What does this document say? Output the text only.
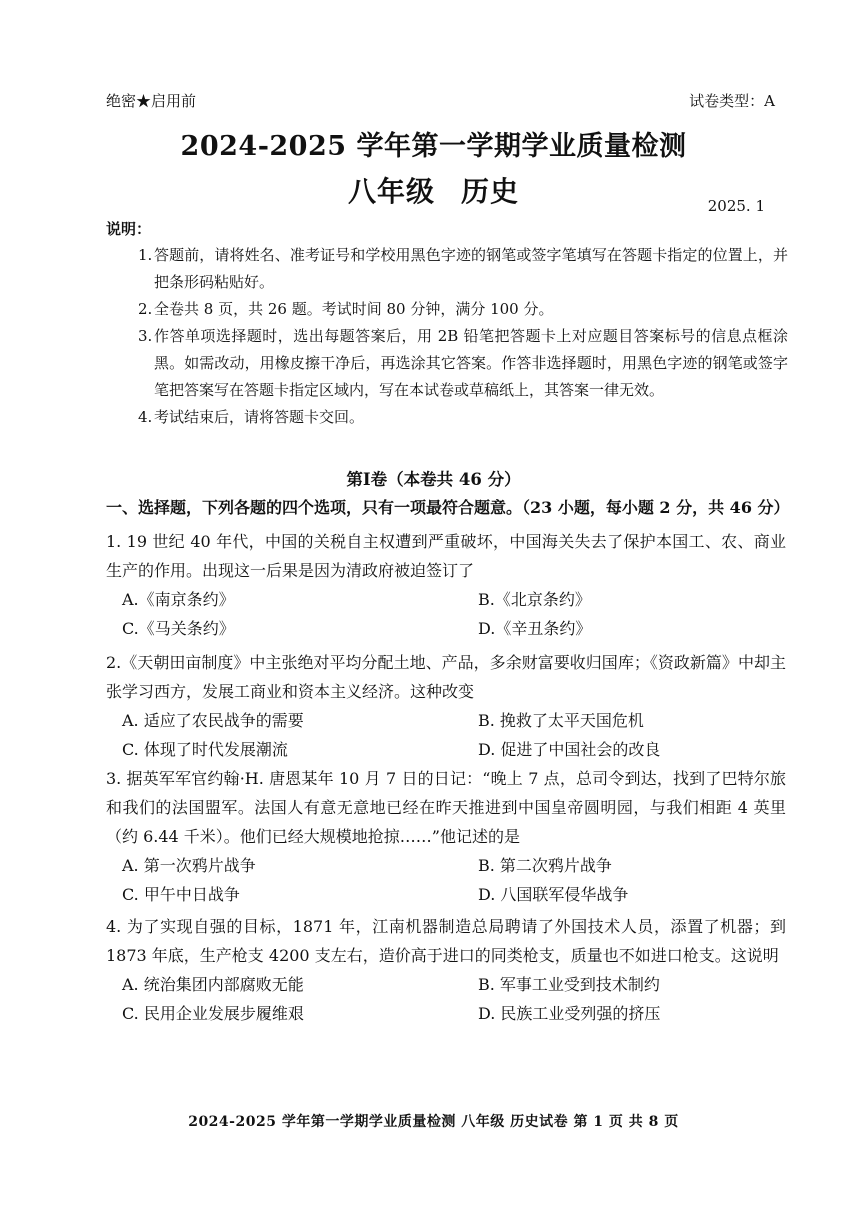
绝密★启用前	试卷类型：A
2024-2025 学年第一学期学业质量检测
八年级 历史	2025. 1
说明：
1. 答题前，请将姓名、准考证号和学校用黑色字迹的钢笔或签字笔填写在答题卡指定的位置上，并把条形码粘贴好。
2. 全卷共 8 页，共 26 题。考试时间 80 分钟，满分 100 分。
3. 作答单项选择题时，选出每题答案后，用 2B 铅笔把答题卡上对应题目答案标号的信息点框涂黑。如需改动，用橡皮擦干净后，再选涂其它答案。作答非选择题时，用黑色字迹的钢笔或签字笔把答案写在答题卡指定区域内，写在本试卷或草稿纸上，其答案一律无效。
4. 考试结束后，请将答题卡交回。
第Ⅰ卷（本卷共 46 分）
一、选择题，下列各题的四个选项，只有一项最符合题意。（23 小题，每小题 2 分，共 46 分）
1. 19 世纪 40 年代，中国的关税自主权遭到严重破坏，中国海关失去了保护本国工、农、商业生产的作用。出现这一后果是因为清政府被迫签订了
A.《南京条约》	B.《北京条约》
C.《马关条约》	D.《辛丑条约》
2.《天朝田亩制度》中主张绝对平均分配土地、产品，多余财富要收归国库；《资政新篇》中却主张学习西方，发展工商业和资本主义经济。这种改变
A. 适应了农民战争的需要	B. 挽救了太平天国危机
C. 体现了时代发展潮流	D. 促进了中国社会的改良
3. 据英军军官约翰·H. 唐恩某年 10 月 7 日的日记：“晚上 7 点，总司令到达，找到了巴特尔旅和我们的法国盟军。法国人有意无意地已经在昨天推进到中国皇帝圆明园，与我们相距 4 英里（约 6.44 千米）。他们已经大规模地抢掠……”他记述的是
A. 第一次鸦片战争	B. 第二次鸦片战争
C. 甲午中日战争	D. 八国联军侵华战争
4. 为了实现自强的目标，1871 年，江南机器制造总局聘请了外国技术人员，添置了机器；到 1873 年底，生产枪支 4200 支左右，造价高于进口的同类枪支，质量也不如进口枪支。这说明
A. 统治集团内部腐败无能	B. 军事工业受到技术制约
C. 民用企业发展步履维艰	D. 民族工业受列强的挤压
2024-2025 学年第一学期学业质量检测 八年级 历史试卷 第 1 页 共 8 页
